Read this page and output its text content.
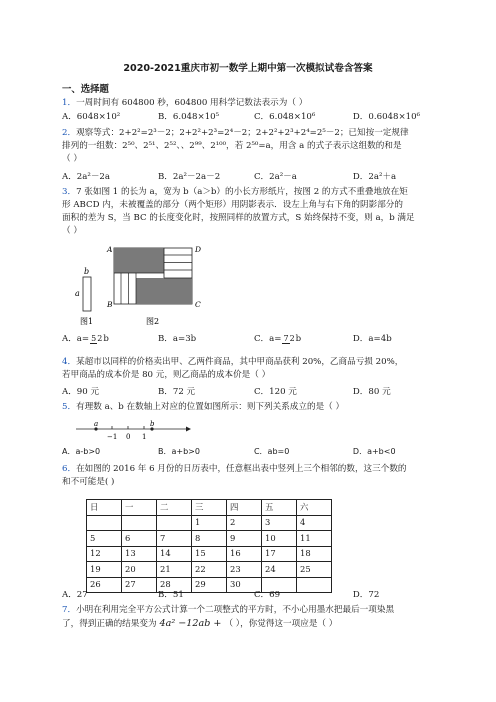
2020-2021重庆市初一数学上期中第一次模拟试卷含答案
一、选择题
1．一周时间有 604800 秒，604800 用科学记数法表示为（ ）
A．6048×10²	B．6.048×10⁵	C．6.048×10⁶	D．0.6048×10⁶
2．观察等式：2+2²=2³－2；2+2²+2³=2⁴－2；2+2²+2³+2⁴=2⁵－2；已知按一定规律
排列的一组数：2⁵⁰、2⁵¹、2⁵²、、2⁹⁹、2¹⁰⁰，若 2⁵⁰=a，用含 a 的式子表示这组数的和是
（ ）
A．2a²－2a	B．2a²－2a－2	C．2a²－a	D．2a²＋a
3．7 张如图 1 的长为 a，宽为 b（a＞b）的小长方形纸片，按图 2 的方式不重叠地放在矩
形 ABCD 内，未被覆盖的部分（两个矩形）用阴影表示．设左上角与右下角的阴影部分的
面积的差为 S，当 BC 的长度变化时，按照同样的放置方式，S 始终保持不变，则 a，b 满足
（ ）
b
a
图1
A	D
B	C
图2
A．a= 52b	B．a=3b	C．a= 72b	D．a=4b
4．某超市以同样的价格卖出甲、乙两件商品，其中甲商品获利 20%，乙商品亏损 20%，
若甲商品的成本价是 80 元，则乙商品的成本价是（ ）
A．90 元	B．72 元	C．120 元	D．80 元
5．有理数 a、b 在数轴上对应的位置如图所示：则下列关系成立的是（ ）
a	b
−1 0 1
A．a-b>0	B．a+b>0	C．ab=0	D．a+b<0
6．在如图的 2016 年 6 月份的日历表中，任意框出表中竖列上三个相邻的数，这三个数的
和不可能是( )
日	一	二	三	四	五	六
			1	2	3	4
5	6	7	8	9	10	11
12	13	14	15	16	17	18
19	20	21	22	23	24	25
26	27	28	29	30		
A．27	B．51	C．69	D．72
7．小明在利用完全平方公式计算一个二项整式的平方时，不小心用墨水把最后一项染黑
了，得到正确的结果变为 4a² −12ab + （ ），你觉得这一项应是（ ）
